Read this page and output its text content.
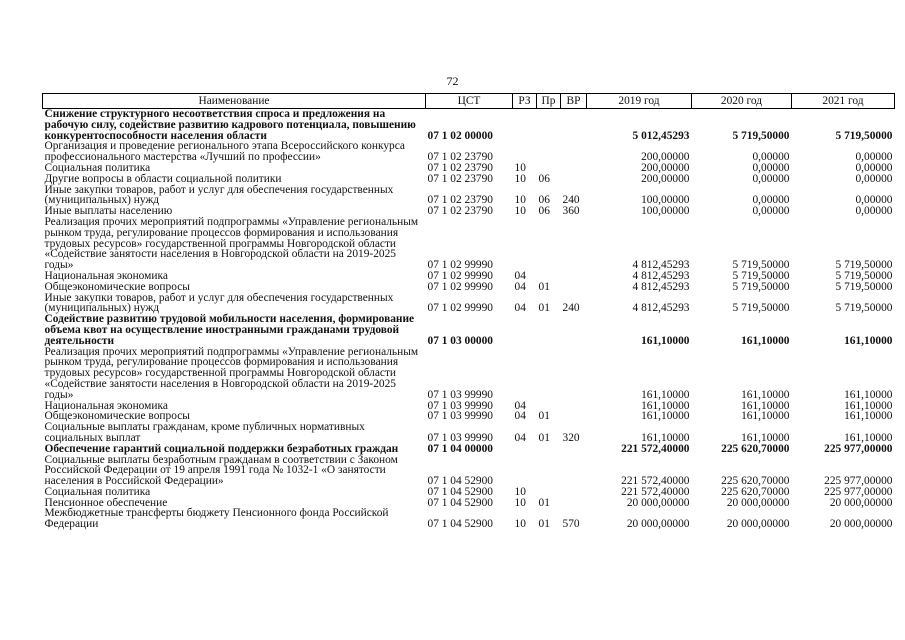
72
Наименование	ЦСТ	РЗ	Пр	ВР	2019 год	2020 год	2021 год
Снижение структурного несоответствия спроса и предложения на рабочую силу, содействие развитию кадрового потенциала, повышению конкурентоспособности населения области	07 1 02 00000				5 012,45293	5 719,50000	5 719,50000
Организация и проведение регионального этапа Всероссийского конкурса профессионального мастерства «Лучший по профессии»	07 1 02 23790				200,00000	0,00000	0,00000
Социальная политика	07 1 02 23790	10			200,00000	0,00000	0,00000
Другие вопросы в области социальной политики	07 1 02 23790	10	06		200,00000	0,00000	0,00000
Иные закупки товаров, работ и услуг для обеспечения государственных (муниципальных) нужд	07 1 02 23790	10	06	240	100,00000	0,00000	0,00000
Иные выплаты населению	07 1 02 23790	10	06	360	100,00000	0,00000	0,00000
Реализация прочих мероприятий подпрограммы «Управление региональным рынком труда, регулирование процессов формирования и использования трудовых ресурсов» государственной программы Новгородской области «Содействие занятости населения в Новгородской области на 2019-2025 годы»	07 1 02 99990				4 812,45293	5 719,50000	5 719,50000
Национальная экономика	07 1 02 99990	04			4 812,45293	5 719,50000	5 719,50000
Общеэкономические вопросы	07 1 02 99990	04	01		4 812,45293	5 719,50000	5 719,50000
Иные закупки товаров, работ и услуг для обеспечения государственных (муниципальных) нужд	07 1 02 99990	04	01	240	4 812,45293	5 719,50000	5 719,50000
Содействие развитию трудовой мобильности населения, формирование объема квот на осуществление иностранными гражданами трудовой деятельности	07 1 03 00000				161,10000	161,10000	161,10000
Реализация прочих мероприятий подпрограммы «Управление региональным рынком труда, регулирование процессов формирования и использования трудовых ресурсов» государственной программы Новгородской области «Содействие занятости населения в Новгородской области на 2019-2025 годы»	07 1 03 99990				161,10000	161,10000	161,10000
Национальная экономика	07 1 03 99990	04			161,10000	161,10000	161,10000
Общеэкономические вопросы	07 1 03 99990	04	01		161,10000	161,10000	161,10000
Социальные выплаты гражданам, кроме публичных нормативных социальных выплат	07 1 03 99990	04	01	320	161,10000	161,10000	161,10000
Обеспечение гарантий социальной поддержки безработных граждан	07 1 04 00000				221 572,40000	225 620,70000	225 977,00000
Социальные выплаты безработным гражданам в соответствии с Законом Российской Федерации от 19 апреля 1991 года № 1032-1 «О занятости населения в Российской Федерации»	07 1 04 52900				221 572,40000	225 620,70000	225 977,00000
Социальная политика	07 1 04 52900	10			221 572,40000	225 620,70000	225 977,00000
Пенсионное обеспечение	07 1 04 52900	10	01		20 000,00000	20 000,00000	20 000,00000
Межбюджетные трансферты бюджету Пенсионного фонда Российской Федерации	07 1 04 52900	10	01	570	20 000,00000	20 000,00000	20 000,00000
